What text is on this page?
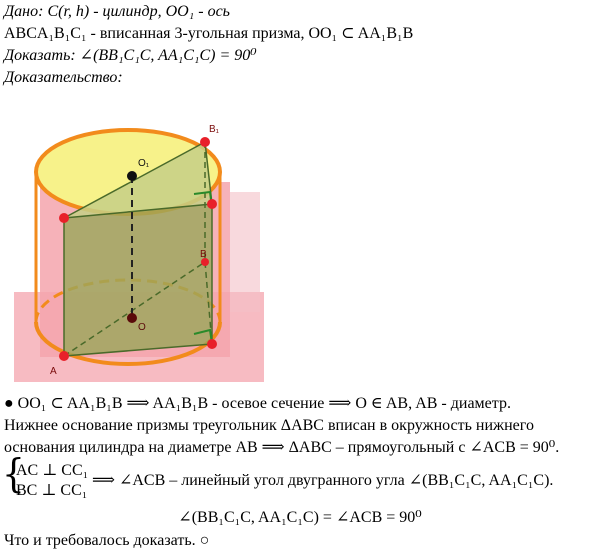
Дано: C(r, h) - цилиндр, OO₁ - ось
ABCA₁B₁C₁ - вписанная 3-угольная призма, OO₁ ⊂ AA₁B₁B
Доказать: ∠(BB₁C₁C, AA₁C₁C) = 90⁰
Доказательство:
B₁
O₁
B
O
A
● OO₁ ⊂ AA₁B₁B ⟹ AA₁B₁B - осевое сечение ⟹ O ∈ AB, AB - диаметр.
Нижнее основание призмы треугольник ΔABC вписан в окружность нижнего
основания цилиндра на диаметре AB ⟹ ΔABC – прямоугольный с ∠ACB = 90⁰.
{
AC ⊥ CC₁
BC ⊥ CC₁
⟹ ∠ACB – линейный угол двугранного угла ∠(BB₁C₁C, AA₁C₁C).
∠(BB₁C₁C, AA₁C₁C) = ∠ACB = 90⁰
Что и требовалось доказать. ○
